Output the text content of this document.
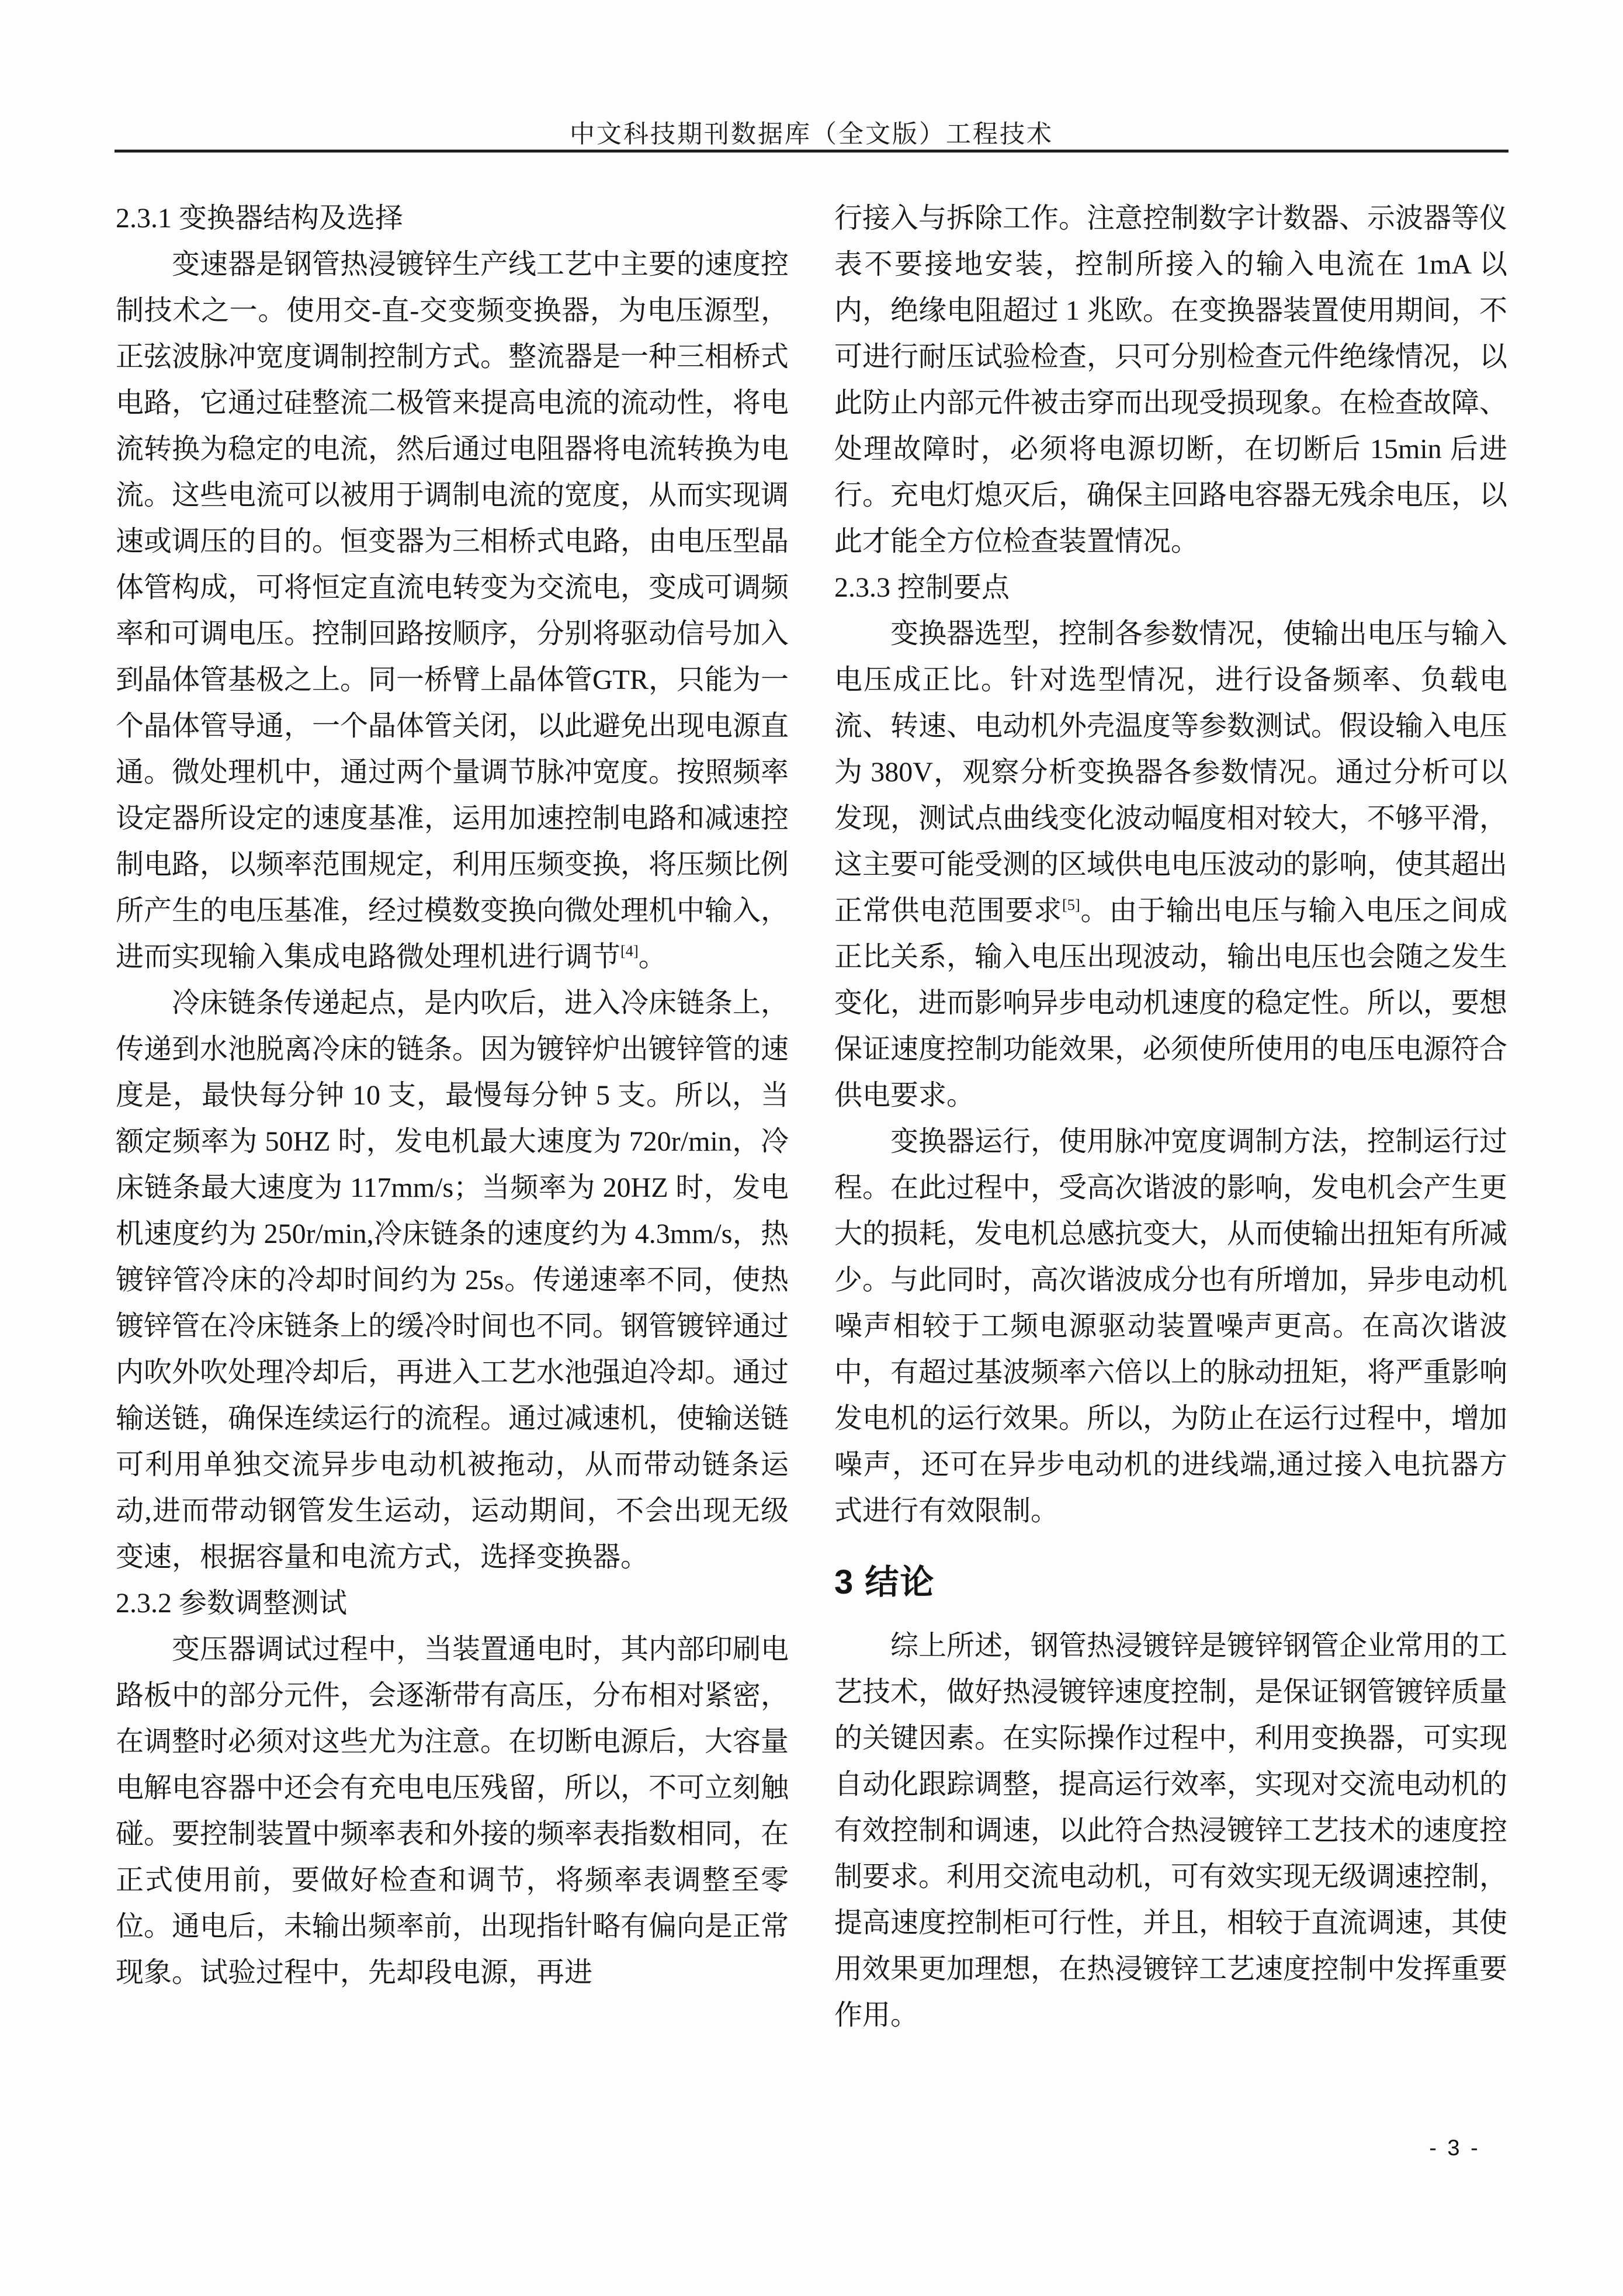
中文科技期刊数据库（全文版）工程技术

2.3.1 变换器结构及选择

变速器是钢管热浸镀锌生产线工艺中主要的速度控制技术之一。使用交-直-交变频变换器，为电压源型，正弦波脉冲宽度调制控制方式。整流器是一种三相桥式电路，它通过硅整流二极管来提高电流的流动性，将电流转换为稳定的电流，然后通过电阻器将电流转换为电流。这些电流可以被用于调制电流的宽度，从而实现调速或调压的目的。恒变器为三相桥式电路，由电压型晶体管构成，可将恒定直流电转变为交流电，变成可调频率和可调电压。控制回路按顺序，分别将驱动信号加入到晶体管基极之上。同一桥臂上晶体管GTR，只能为一个晶体管导通，一个晶体管关闭，以此避免出现电源直通。微处理机中，通过两个量调节脉冲宽度。按照频率设定器所设定的速度基准，运用加速控制电路和减速控制电路，以频率范围规定，利用压频变换，将压频比例所产生的电压基准，经过模数变换向微处理机中输入，进而实现输入集成电路微处理机进行调节[4]。

冷床链条传递起点，是内吹后，进入冷床链条上，传递到水池脱离冷床的链条。因为镀锌炉出镀锌管的速度是，最快每分钟 10 支，最慢每分钟 5 支。所以，当额定频率为 50HZ 时，发电机最大速度为 720r/min，冷床链条最大速度为 117mm/s；当频率为 20HZ 时，发电机速度约为 250r/min,冷床链条的速度约为 4.3mm/s，热镀锌管冷床的冷却时间约为 25s。传递速率不同，使热镀锌管在冷床链条上的缓冷时间也不同。钢管镀锌通过内吹外吹处理冷却后，再进入工艺水池强迫冷却。通过输送链，确保连续运行的流程。通过减速机，使输送链可利用单独交流异步电动机被拖动，从而带动链条运动,进而带动钢管发生运动，运动期间，不会出现无级变速，根据容量和电流方式，选择变换器。

2.3.2 参数调整测试

变压器调试过程中，当装置通电时，其内部印刷电路板中的部分元件，会逐渐带有高压，分布相对紧密，在调整时必须对这些尤为注意。在切断电源后，大容量电解电容器中还会有充电电压残留，所以，不可立刻触碰。要控制装置中频率表和外接的频率表指数相同，在正式使用前，要做好检查和调节，将频率表调整至零位。通电后，未输出频率前，出现指针略有偏向是正常现象。试验过程中，先却段电源，再进

行接入与拆除工作。注意控制数字计数器、示波器等仪表不要接地安装，控制所接入的输入电流在 1mA 以内，绝缘电阻超过 1 兆欧。在变换器装置使用期间，不可进行耐压试验检查，只可分别检查元件绝缘情况，以此防止内部元件被击穿而出现受损现象。在检查故障、处理故障时，必须将电源切断，在切断后 15min 后进行。充电灯熄灭后，确保主回路电容器无残余电压，以此才能全方位检查装置情况。

2.3.3 控制要点

变换器选型，控制各参数情况，使输出电压与输入电压成正比。针对选型情况，进行设备频率、负载电流、转速、电动机外壳温度等参数测试。假设输入电压为 380V，观察分析变换器各参数情况。通过分析可以发现，测试点曲线变化波动幅度相对较大，不够平滑，这主要可能受测的区域供电电压波动的影响，使其超出正常供电范围要求[5]。由于输出电压与输入电压之间成正比关系，输入电压出现波动，输出电压也会随之发生变化，进而影响异步电动机速度的稳定性。所以，要想保证速度控制功能效果，必须使所使用的电压电源符合供电要求。

变换器运行，使用脉冲宽度调制方法，控制运行过程。在此过程中，受高次谐波的影响，发电机会产生更大的损耗，发电机总感抗变大，从而使输出扭矩有所减少。与此同时，高次谐波成分也有所增加，异步电动机噪声相较于工频电源驱动装置噪声更高。在高次谐波中，有超过基波频率六倍以上的脉动扭矩，将严重影响发电机的运行效果。所以，为防止在运行过程中，增加噪声，还可在异步电动机的进线端,通过接入电抗器方式进行有效限制。

3 结论

综上所述，钢管热浸镀锌是镀锌钢管企业常用的工艺技术，做好热浸镀锌速度控制，是保证钢管镀锌质量的关键因素。在实际操作过程中，利用变换器，可实现自动化跟踪调整，提高运行效率，实现对交流电动机的有效控制和调速，以此符合热浸镀锌工艺技术的速度控制要求。利用交流电动机，可有效实现无级调速控制，提高速度控制柜可行性，并且，相较于直流调速，其使用效果更加理想，在热浸镀锌工艺速度控制中发挥重要作用。

- 3 -
